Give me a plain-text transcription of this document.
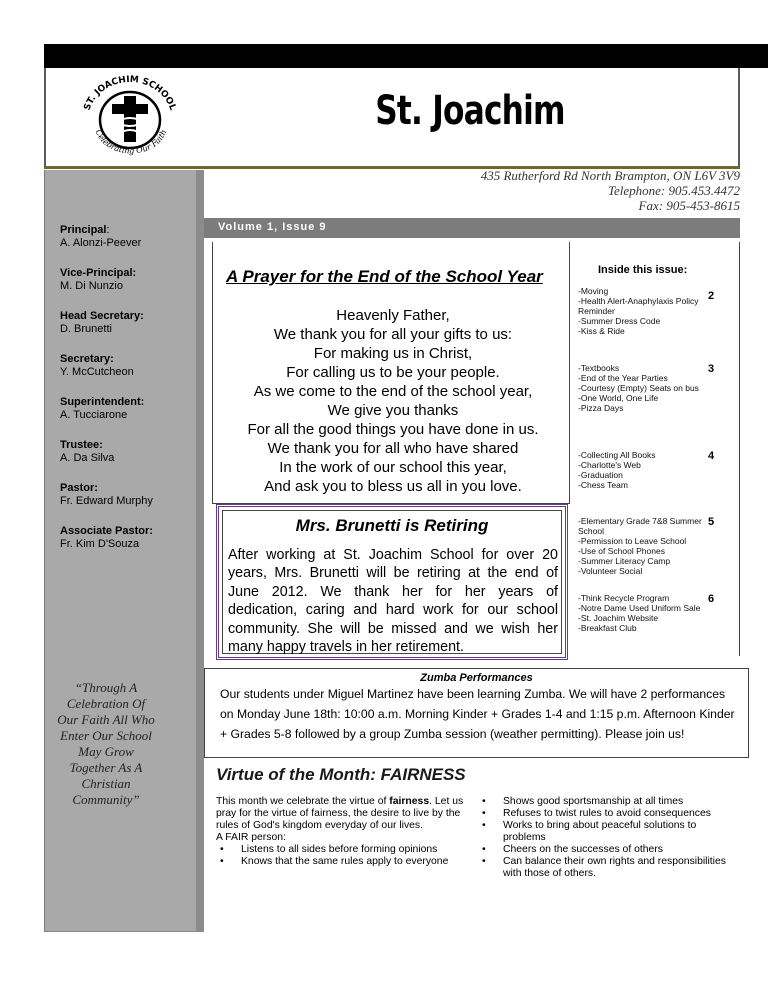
ST. JOACHIM SCHOOL
Celebrating Our Faith	St. Joachim
435 Rutherford Rd North Brampton, ON L6V 3V9
Telephone: 905.453.4472
Fax: 905-453-8615
Principal:
A. Alonzi-Peever
Vice-Principal:
M. Di Nunzio
Head Secretary:
D. Brunetti
Secretary:
Y. McCutcheon
Superintendent:
A. Tucciarone
Trustee:
A. Da Silva
Pastor:
Fr. Edward Murphy
Associate Pastor:
Fr. Kim D'Souza
“Through A Celebration Of Our Faith All Who Enter Our School May Grow Together As A Christian Community”
Volume 1, Issue 9
A Prayer for the End of the School Year
Heavenly Father,
We thank you for all your gifts to us:
For making us in Christ,
For calling us to be your people.
As we come to the end of the school year,
We give you thanks
For all the good things you have done in us.
We thank you for all who have shared
In the work of our school this year,
And ask you to bless us all in you love.
Inside this issue:
-Moving
-Health Alert-Anaphylaxis Policy Reminder
-Summer Dress Code
-Kiss & Ride
2
-Textbooks
-End of the Year Parties
-Courtesy (Empty) Seats on bus
-One World, One Life
-Pizza Days
3
-Collecting All Books
-Charlotte's Web
-Graduation
-Chess Team
4
-Elementary Grade 7&8 Summer School
-Permission to Leave School
-Use of School Phones
-Summer Literacy Camp
-Volunteer Social
5
-Think Recycle Program
-Notre Dame Used Uniform Sale
-St. Joachim Website
-Breakfast Club
6
Mrs. Brunetti is Retiring
After working at St. Joachim School for over 20 years, Mrs. Brunetti will be retiring at the end of June 2012. We thank her for her years of dedication, caring and hard work for our school community. She will be missed and we wish her many happy travels in her retirement.
Zumba Performances
Our students under Miguel Martinez have been learning Zumba. We will have 2 performances on Monday June 18th: 10:00 a.m. Morning Kinder + Grades 1-4 and 1:15 p.m. Afternoon Kinder + Grades 5-8 followed by a group Zumba session (weather permitting). Please join us!
Virtue of the Month: FAIRNESS
This month we celebrate the virtue of fairness. Let us pray for the virtue of fairness, the desire to live by the rules of God's kingdom everyday of our lives.
A FAIR person:
• Listens to all sides before forming opinions
• Knows that the same rules apply to everyone
• Shows good sportsmanship at all times
• Refuses to twist rules to avoid consequences
• Works to bring about peaceful solutions to problems
• Cheers on the successes of others
• Can balance their own rights and responsibilities with those of others.
